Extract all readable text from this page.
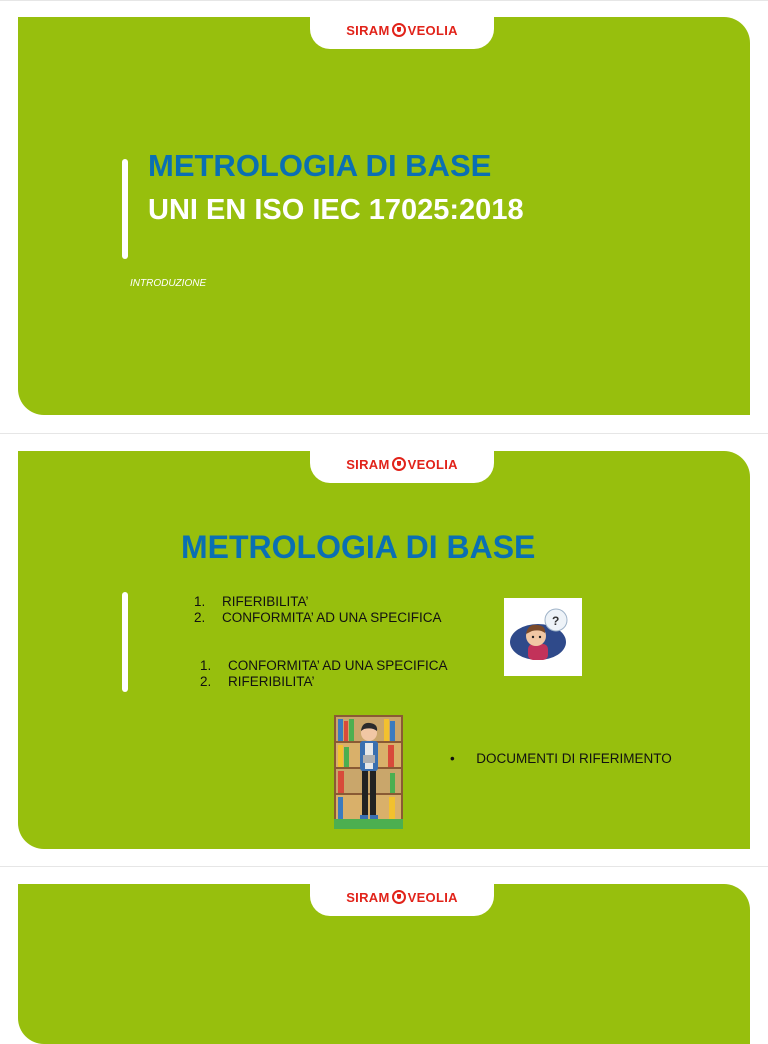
SIRAM VEOLIA
METROLOGIA DI BASE
UNI EN ISO IEC 17025:2018
INTRODUZIONE
SIRAM VEOLIA
METROLOGIA DI BASE
1. RIFERIBILITA’
2. CONFORMITA’ AD UNA SPECIFICA
1. CONFORMITA’ AD UNA SPECIFICA
2. RIFERIBILITA’
?
• DOCUMENTI DI RIFERIMENTO
SIRAM VEOLIA
